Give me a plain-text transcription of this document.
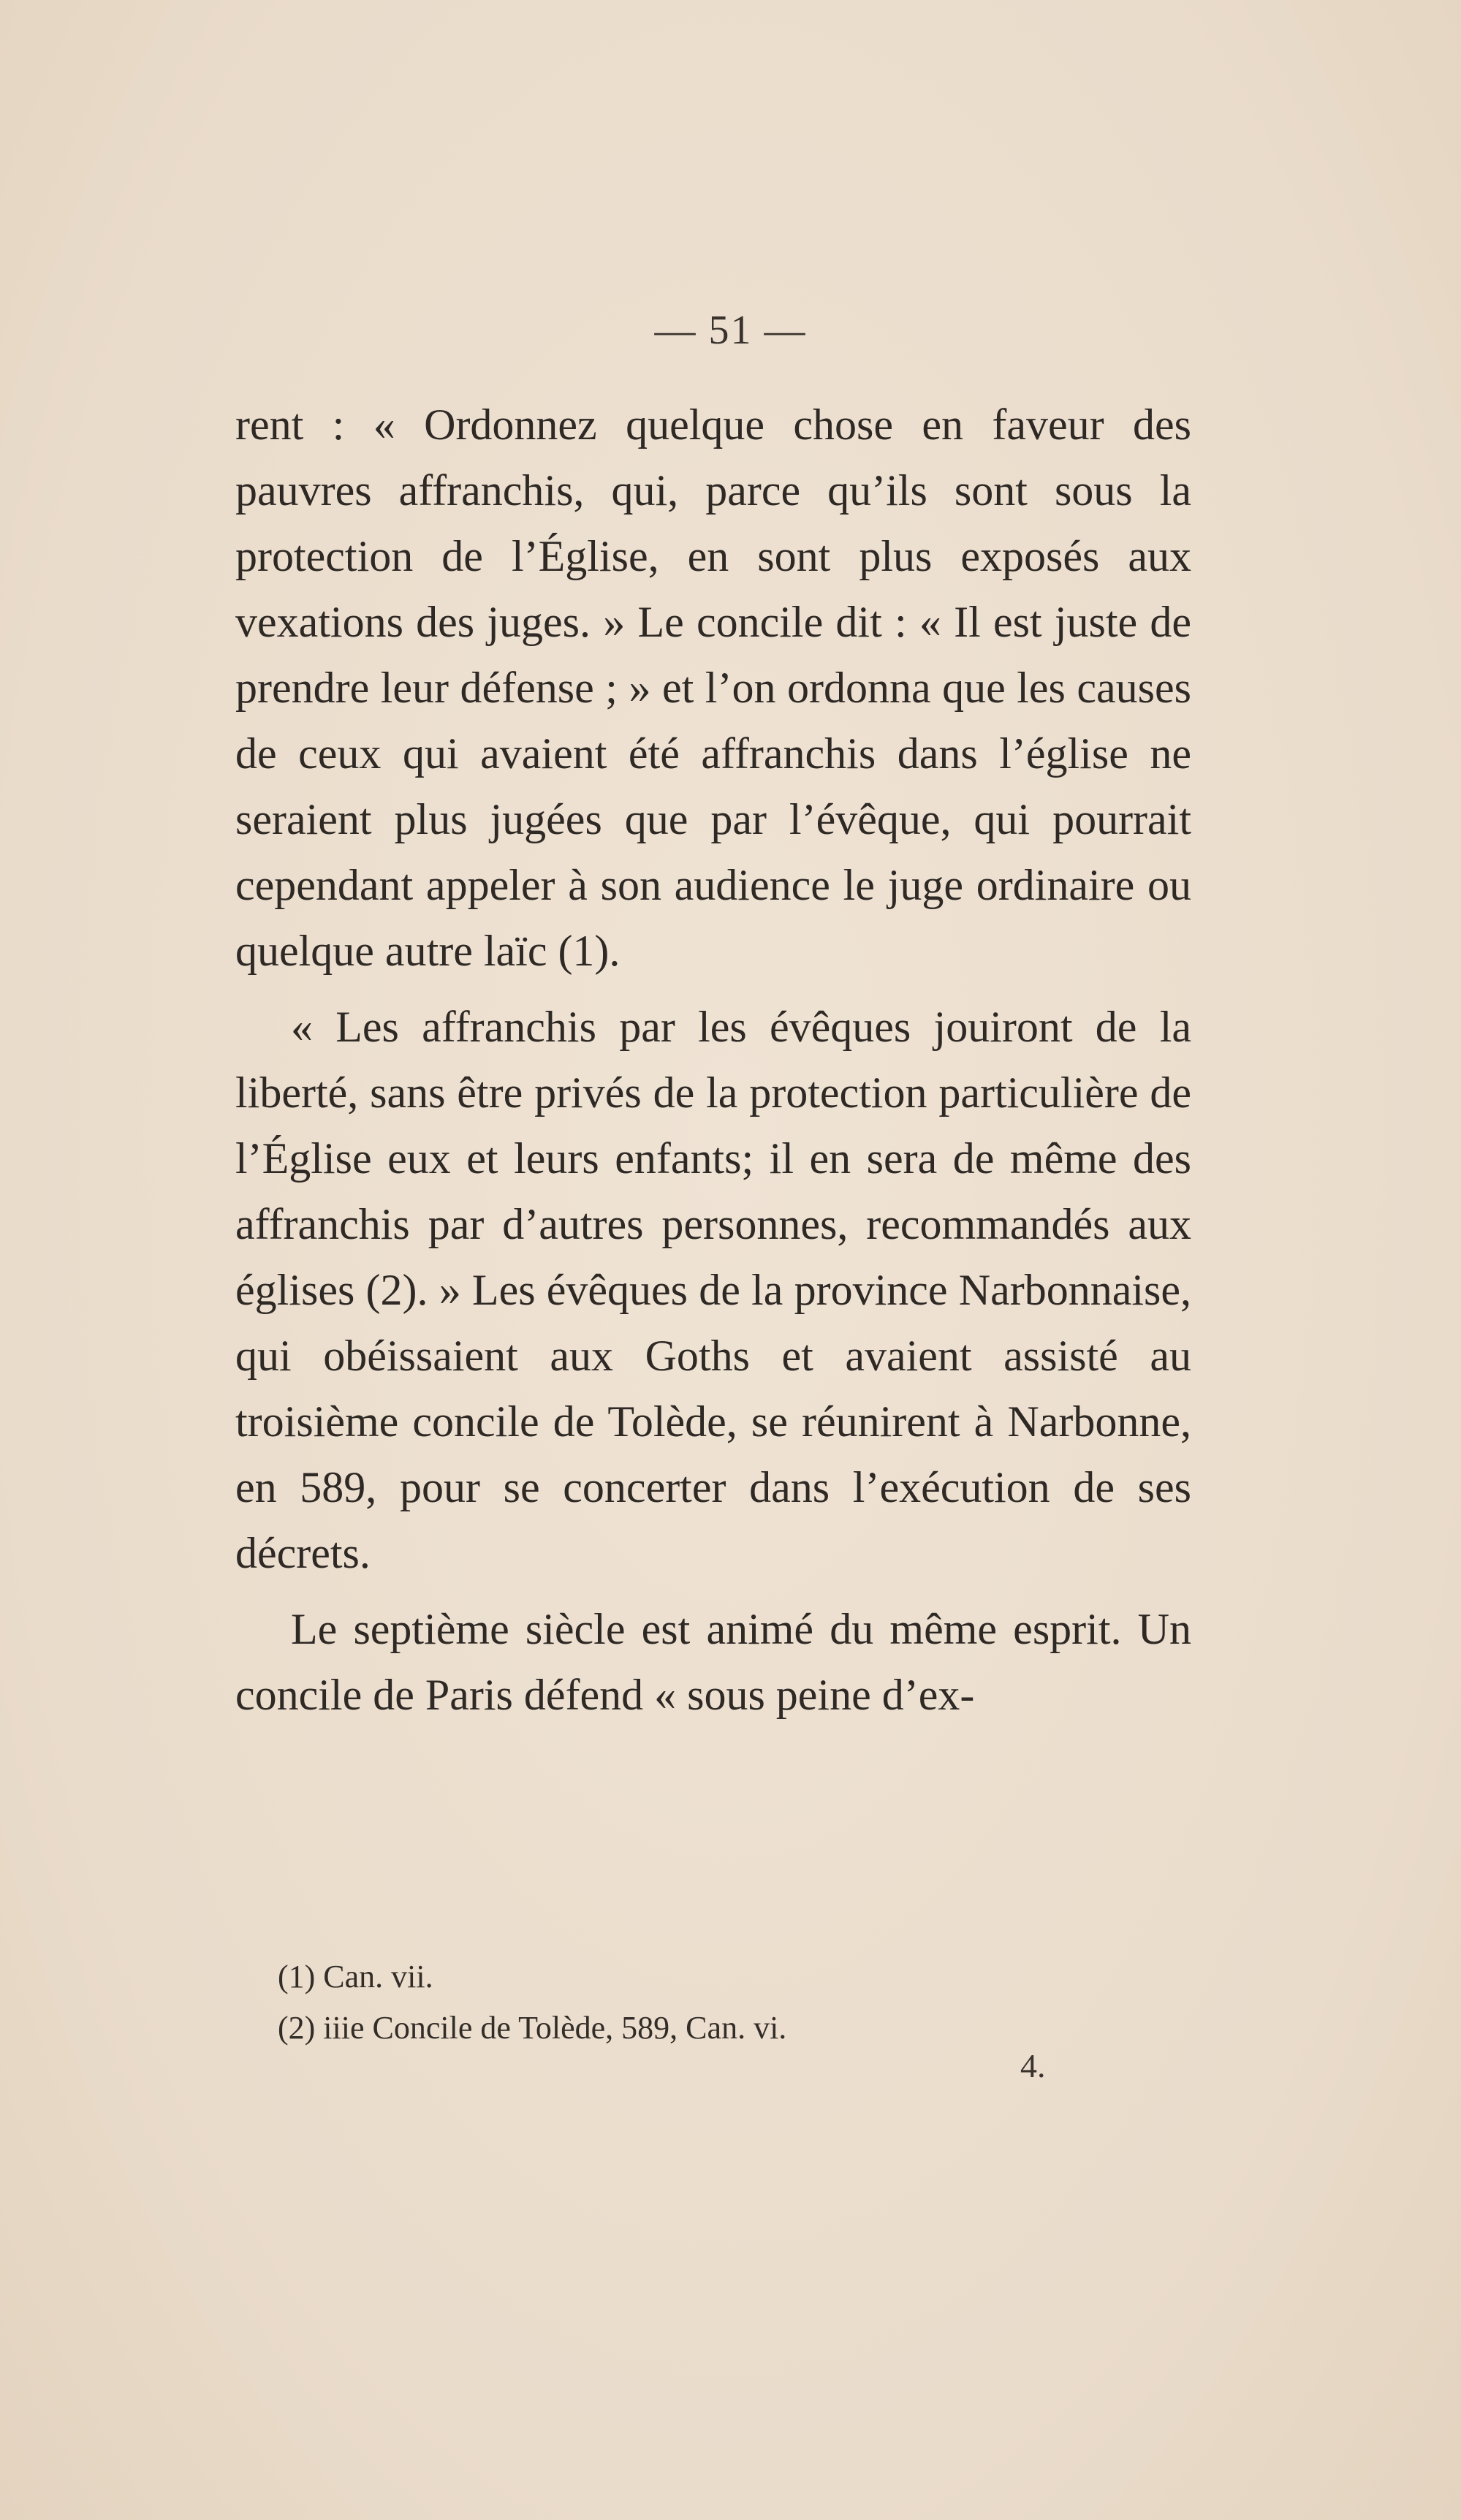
— 51 —

rent : « Ordonnez quelque chose en faveur des pauvres affranchis, qui, parce qu’ils sont sous la protection de l’Église, en sont plus exposés aux vexations des juges. » Le concile dit : « Il est juste de prendre leur défense ; » et l’on ordonna que les causes de ceux qui avaient été affranchis dans l’église ne seraient plus jugées que par l’évêque, qui pourrait cependant appeler à son audience le juge ordinaire ou quelque autre laïc (1).

« Les affranchis par les évêques jouiront de la liberté, sans être privés de la protection particulière de l’Église eux et leurs enfants; il en sera de même des affranchis par d’autres personnes, recommandés aux églises (2). » Les évêques de la province Narbonnaise, qui obéissaient aux Goths et avaient assisté au troisième concile de Tolède, se réunirent à Narbonne, en 589, pour se concerter dans l’exécution de ses décrets.

Le septième siècle est animé du même esprit. Un concile de Paris défend « sous peine d’ex-

(1) Can. vii.
(2) iiie Concile de Tolède, 589, Can. vi.
4.
